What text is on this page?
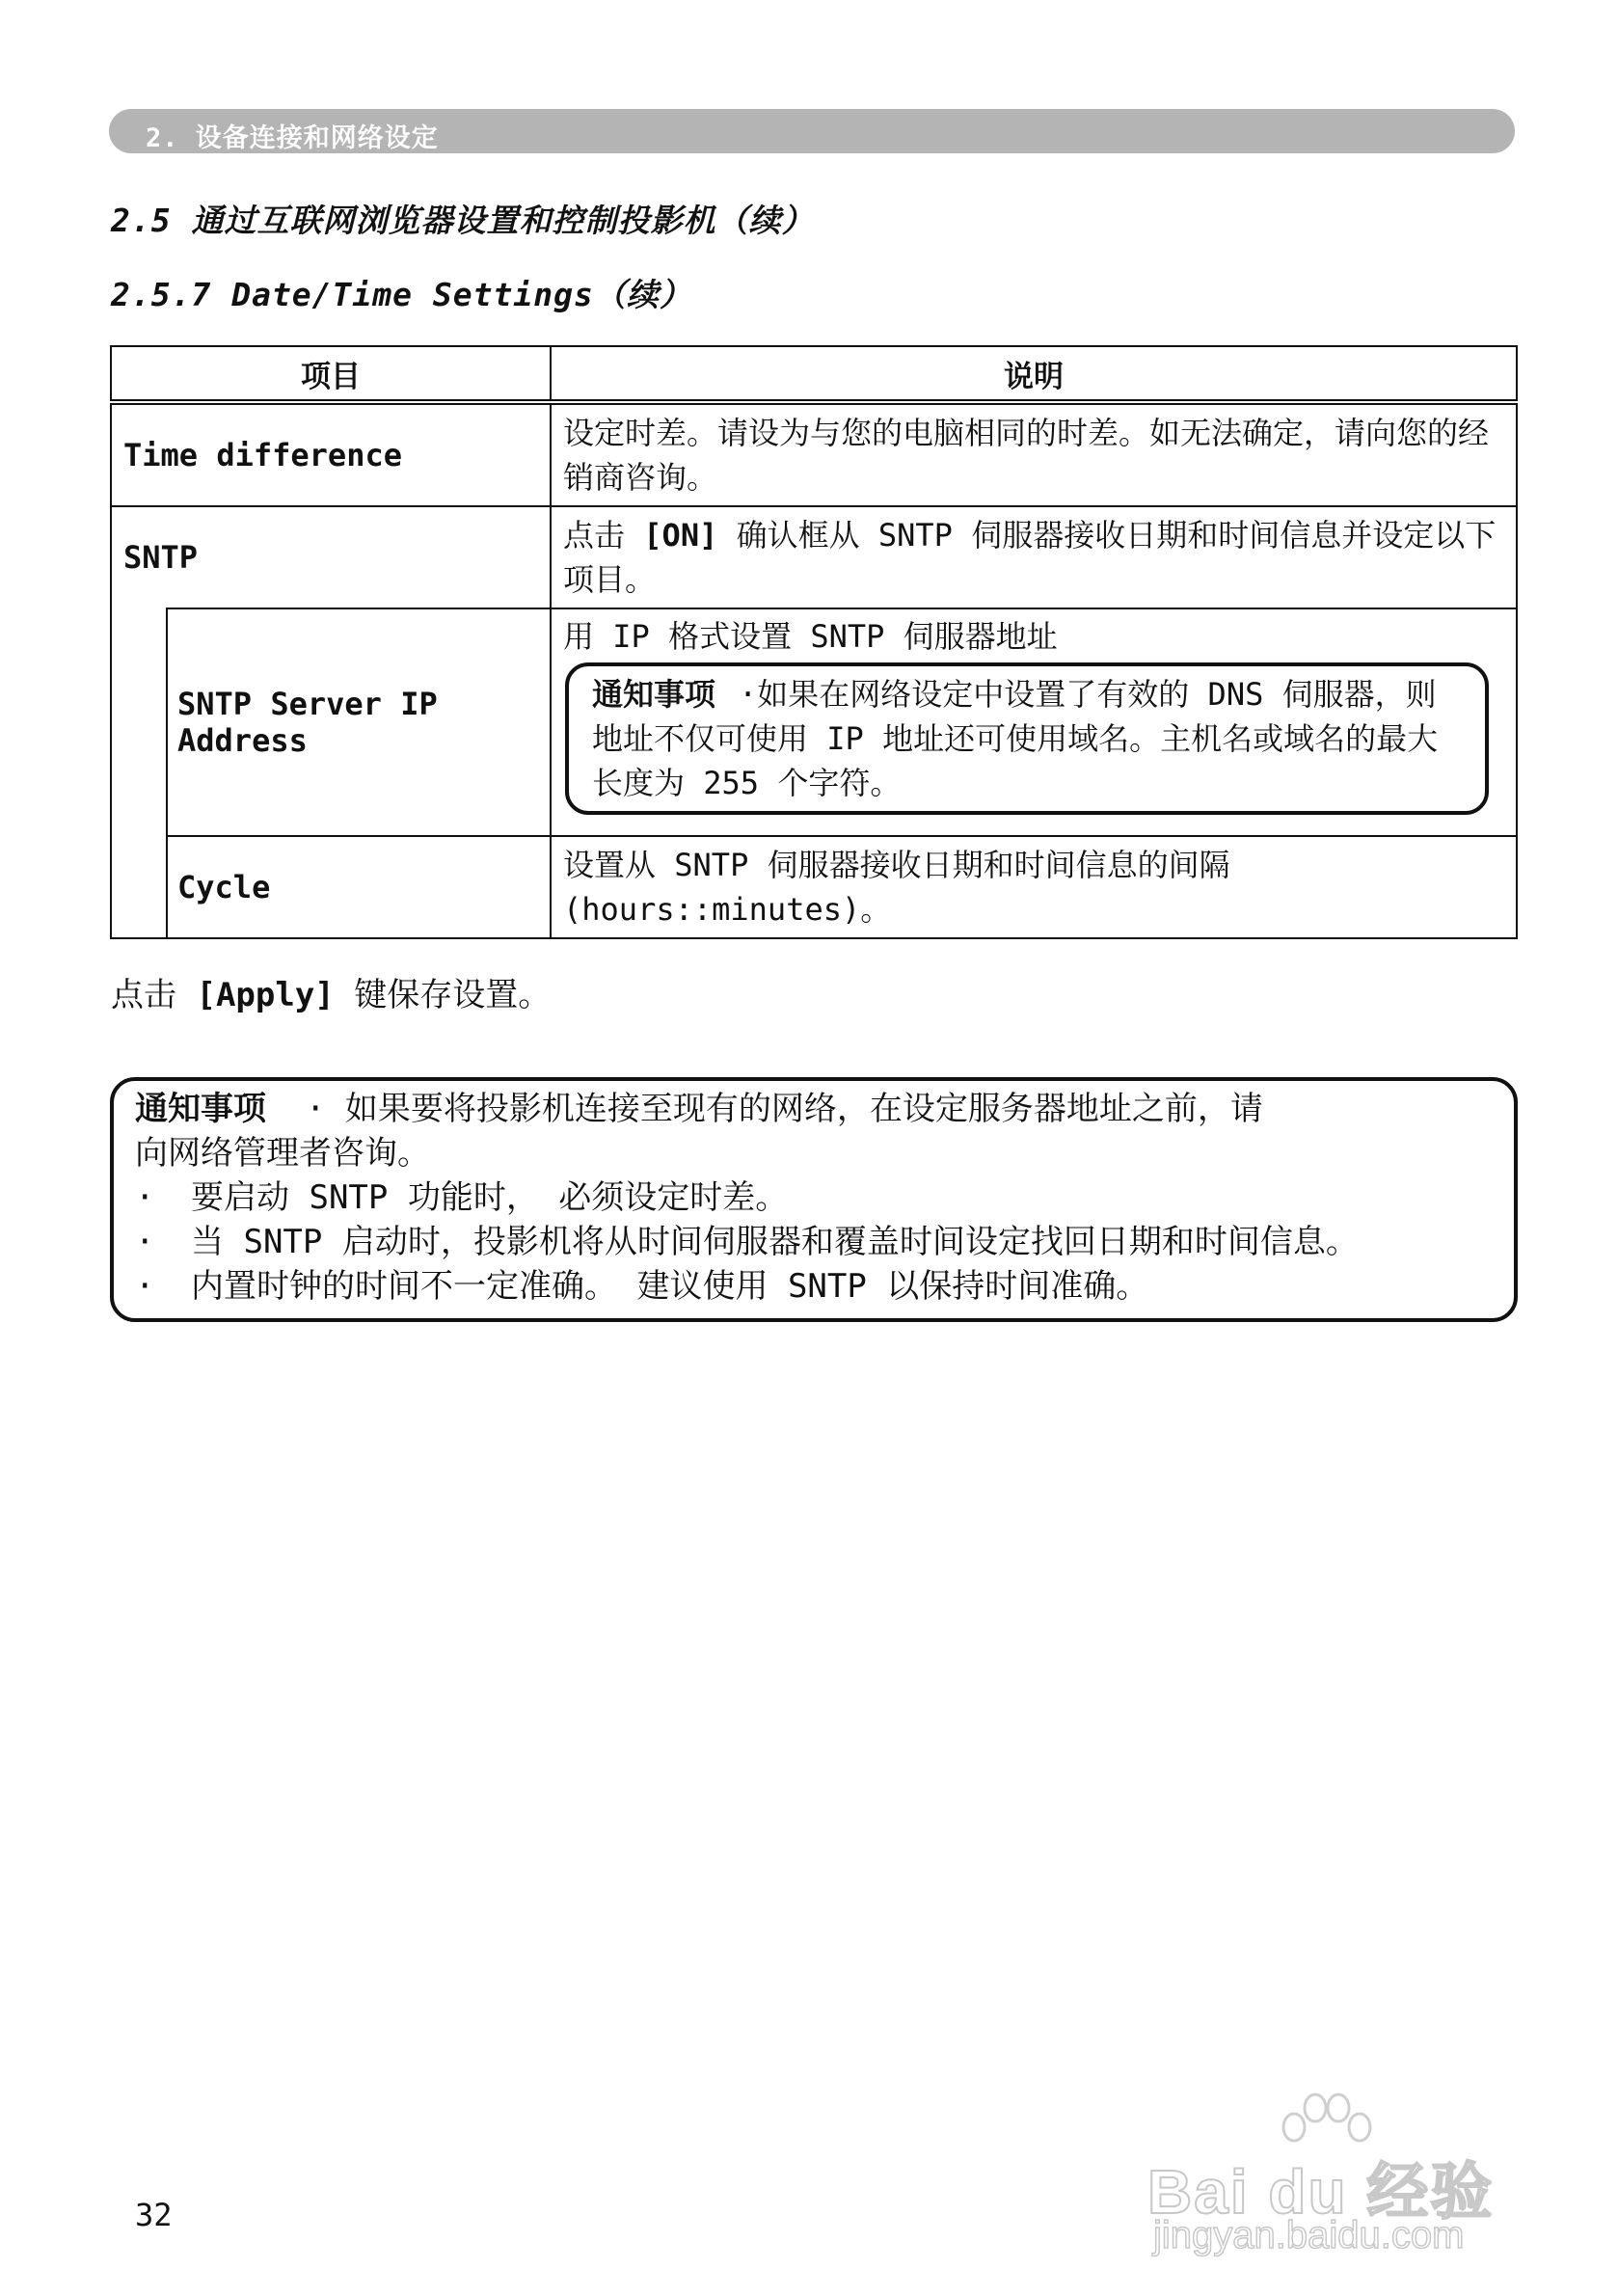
2. 设备连接和网络设定
2.5 通过互联网浏览器设置和控制投影机（续）
2.5.7 Date/Time Settings（续）
项目		说明
Time difference		设定时差。请设为与您的电脑相同的时差。如无法确定，请向您的经销商咨询。
SNTP		点击 [ON] 确认框从 SNTP 伺服器接收日期和时间信息并设定以下项目。
	SNTP Server IP Address	用 IP 格式设置 SNTP 伺服器地址
通知事项 ·如果在网络设定中设置了有效的 DNS 伺服器，则地址不仅可使用 IP 地址还可使用域名。主机名或域名的最大长度为 255 个字符。

	Cycle	设置从 SNTP 伺服器接收日期和时间信息的间隔
(hours::minutes)。
点击 [Apply] 键保存设置。
通知事项  · 如果要将投影机连接至现有的网络，在设定服务器地址之前，请
向网络管理者咨询。
· 要启动 SNTP 功能时， 必须设定时差。
· 当 SNTP 启动时，投影机将从时间伺服器和覆盖时间设定找回日期和时间信息。
· 内置时钟的时间不一定准确。 建议使用 SNTP 以保持时间准确。
32	Bai du 经验
jingyan.baidu.com
